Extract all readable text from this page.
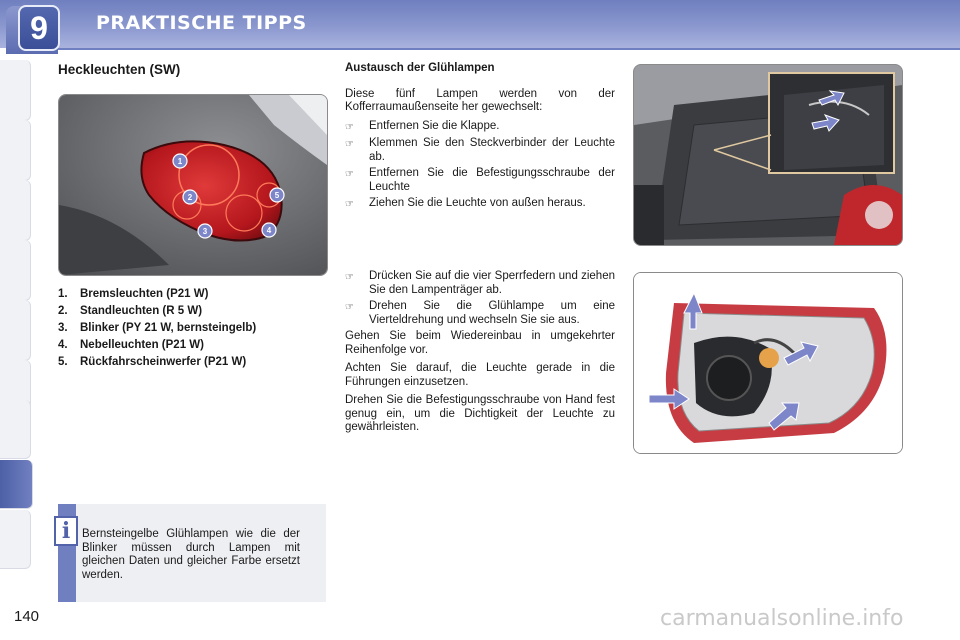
9	PRAKTISCHE TIPPS
Heckleuchten (SW)
1
2
3	4
5
1.	Bremsleuchten (P21 W)
2.	Standleuchten (R 5 W)
3.	Blinker (PY 21 W, bernsteingelb)
4.	Nebelleuchten (P21 W)
5.	Rückfahrscheinwerfer (P21 W)
i	Bernsteingelbe Glühlampen wie die der Blinker müssen durch Lampen mit gleichen Daten und gleicher Farbe ersetzt werden.
Austausch der Glühlampen

Diese fünf Lampen werden von der Kofferraumaußenseite her gewechselt:

☞	Entfernen Sie die Klappe.
☞	Klemmen Sie den Steckverbinder der Leuchte ab.
☞	Entfernen Sie die Befestigungsschraube der Leuchte
☞	Ziehen Sie die Leuchte von außen heraus.
☞	Drücken Sie auf die vier Sperrfedern und ziehen Sie den Lampenträger ab.
☞	Drehen Sie die Glühlampe um eine Vierteldrehung und wechseln Sie sie aus.

Gehen Sie beim Wiedereinbau in umgekehrter Reihenfolge vor.

Achten Sie darauf, die Leuchte gerade in die Führungen einzusetzen.

Drehen Sie die Befestigungsschraube von Hand fest genug ein, um die Dichtigkeit der Leuchte zu gewährleisten.

140	carmanualsonline.info
